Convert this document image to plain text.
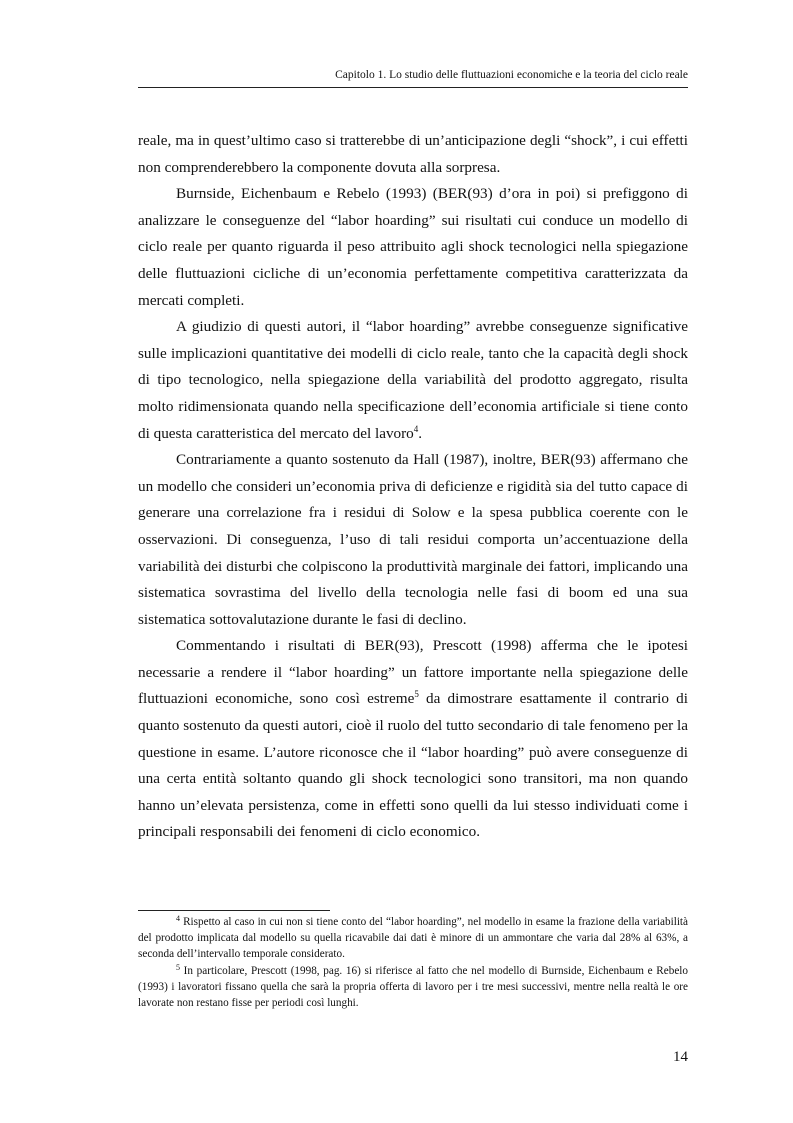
Capitolo 1. Lo studio delle fluttuazioni economiche e la teoria del ciclo reale

reale, ma in quest’ultimo caso si tratterebbe di un’anticipazione degli “shock”, i cui effetti non comprenderebbero la componente dovuta alla sorpresa.

Burnside, Eichenbaum e Rebelo (1993) (BER(93) d’ora in poi) si prefiggono di analizzare le conseguenze del “labor hoarding” sui risultati cui conduce un modello di ciclo reale per quanto riguarda il peso attribuito agli shock tecnologici nella spiegazione delle fluttuazioni cicliche di un’economia perfettamente competitiva caratterizzata da mercati completi.

A giudizio di questi autori, il “labor hoarding” avrebbe conseguenze significative sulle implicazioni quantitative dei modelli di ciclo reale, tanto che la capacità degli shock di tipo tecnologico, nella spiegazione della variabilità del prodotto aggregato, risulta molto ridimensionata quando nella specificazione dell’economia artificiale si tiene conto di questa caratteristica del mercato del lavoro$^4$.

Contrariamente a quanto sostenuto da Hall (1987), inoltre, BER(93) affermano che un modello che consideri un’economia priva di deficienze e rigidità sia del tutto capace di generare una correlazione fra i residui di Solow e la spesa pubblica coerente con le osservazioni. Di conseguenza, l’uso di tali residui comporta un’accentuazione della variabilità dei disturbi che colpiscono la produttività marginale dei fattori, implicando una sistematica sovrastima del livello della tecnologia nelle fasi di boom ed una sua sistematica sottovalutazione durante le fasi di declino.

Commentando i risultati di BER(93), Prescott (1998) afferma che le ipotesi necessarie a rendere il “labor hoarding” un fattore importante nella spiegazione delle fluttuazioni economiche, sono così estreme$^5$ da dimostrare esattamente il contrario di quanto sostenuto da questi autori, cioè il ruolo del tutto secondario di tale fenomeno per la questione in esame. L’autore riconosce che il “labor hoarding” può avere conseguenze di una certa entità soltanto quando gli shock tecnologici sono transitori, ma non quando hanno un’elevata persistenza, come in effetti sono quelli da lui stesso individuati come i principali responsabili dei fenomeni di ciclo economico.

$^4$ Rispetto al caso in cui non si tiene conto del “labor hoarding”, nel modello in esame la frazione della variabilità del prodotto implicata dal modello su quella ricavabile dai dati è minore di un ammontare che varia dal 28% al 63%, a seconda dell’intervallo temporale considerato.

$^5$ In particolare, Prescott (1998, pag. 16) si riferisce al fatto che nel modello di Burnside, Eichenbaum e Rebelo (1993) i lavoratori fissano quella che sarà la propria offerta di lavoro per i tre mesi successivi, mentre nella realtà le ore lavorate non restano fisse per periodi così lunghi.

14
